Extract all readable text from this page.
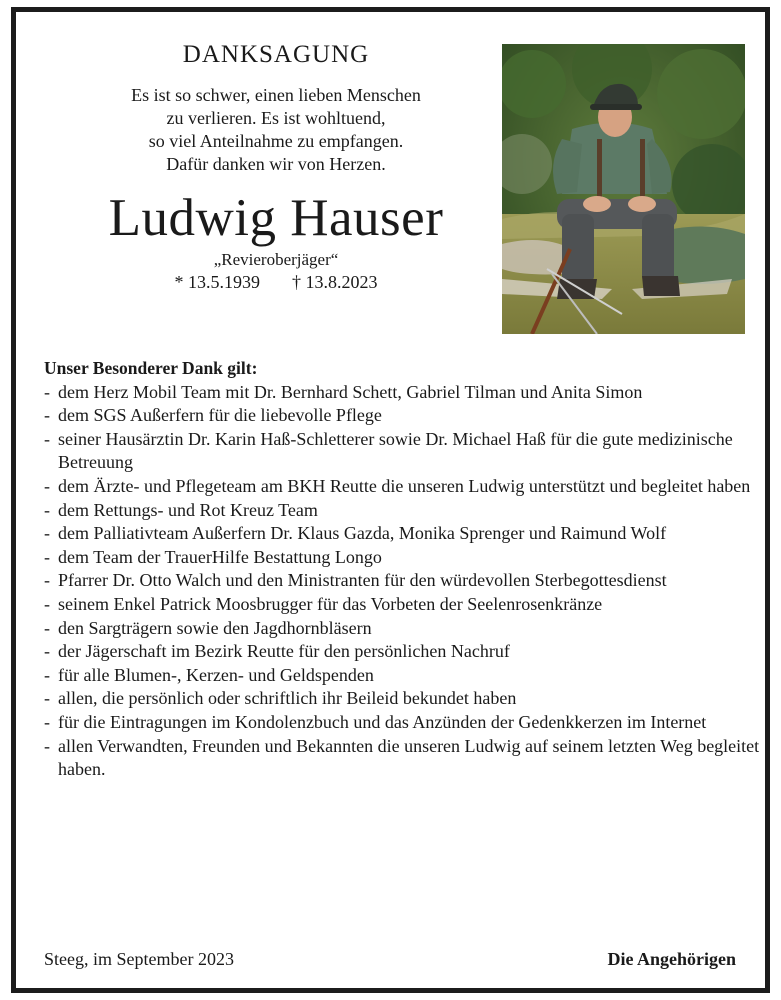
DANKSAGUNG
Es ist so schwer, einen lieben Menschen
zu verlieren. Es ist wohltuend,
so viel Anteilnahme zu empfangen.
Dafür danken wir von Herzen.
Ludwig Hauser
„Revieroberjäger“
* 13.5.1939 † 13.8.2023
Unser Besonderer Dank gilt:
- dem Herz Mobil Team mit Dr. Bernhard Schett, Gabriel Tilman und Anita Simon
- dem SGS Außerfern für die liebevolle Pflege
- seiner Hausärztin Dr. Karin Haß-Schletterer sowie Dr. Michael Haß für die gute medizinische Betreuung
- dem Ärzte- und Pflegeteam am BKH Reutte die unseren Ludwig unterstützt und begleitet haben
- dem Rettungs- und Rot Kreuz Team
- dem Palliativteam Außerfern Dr. Klaus Gazda, Monika Sprenger und Raimund Wolf
- dem Team der TrauerHilfe Bestattung Longo
- Pfarrer Dr. Otto Walch und den Ministranten für den würdevollen Sterbegottesdienst
- seinem Enkel Patrick Moosbrugger für das Vorbeten der Seelenrosenkränze
- den Sargträgern sowie den Jagdhornbläsern
- der Jägerschaft im Bezirk Reutte für den persönlichen Nachruf
- für alle Blumen-, Kerzen- und Geldspenden
- allen, die persönlich oder schriftlich ihr Beileid bekundet haben
- für die Eintragungen im Kondolenzbuch und das Anzünden der Gedenkkerzen im Internet
- allen Verwandten, Freunden und Bekannten die unseren Ludwig auf seinem letzten Weg begleitet haben.
Steeg, im September 2023	Die Angehörigen
